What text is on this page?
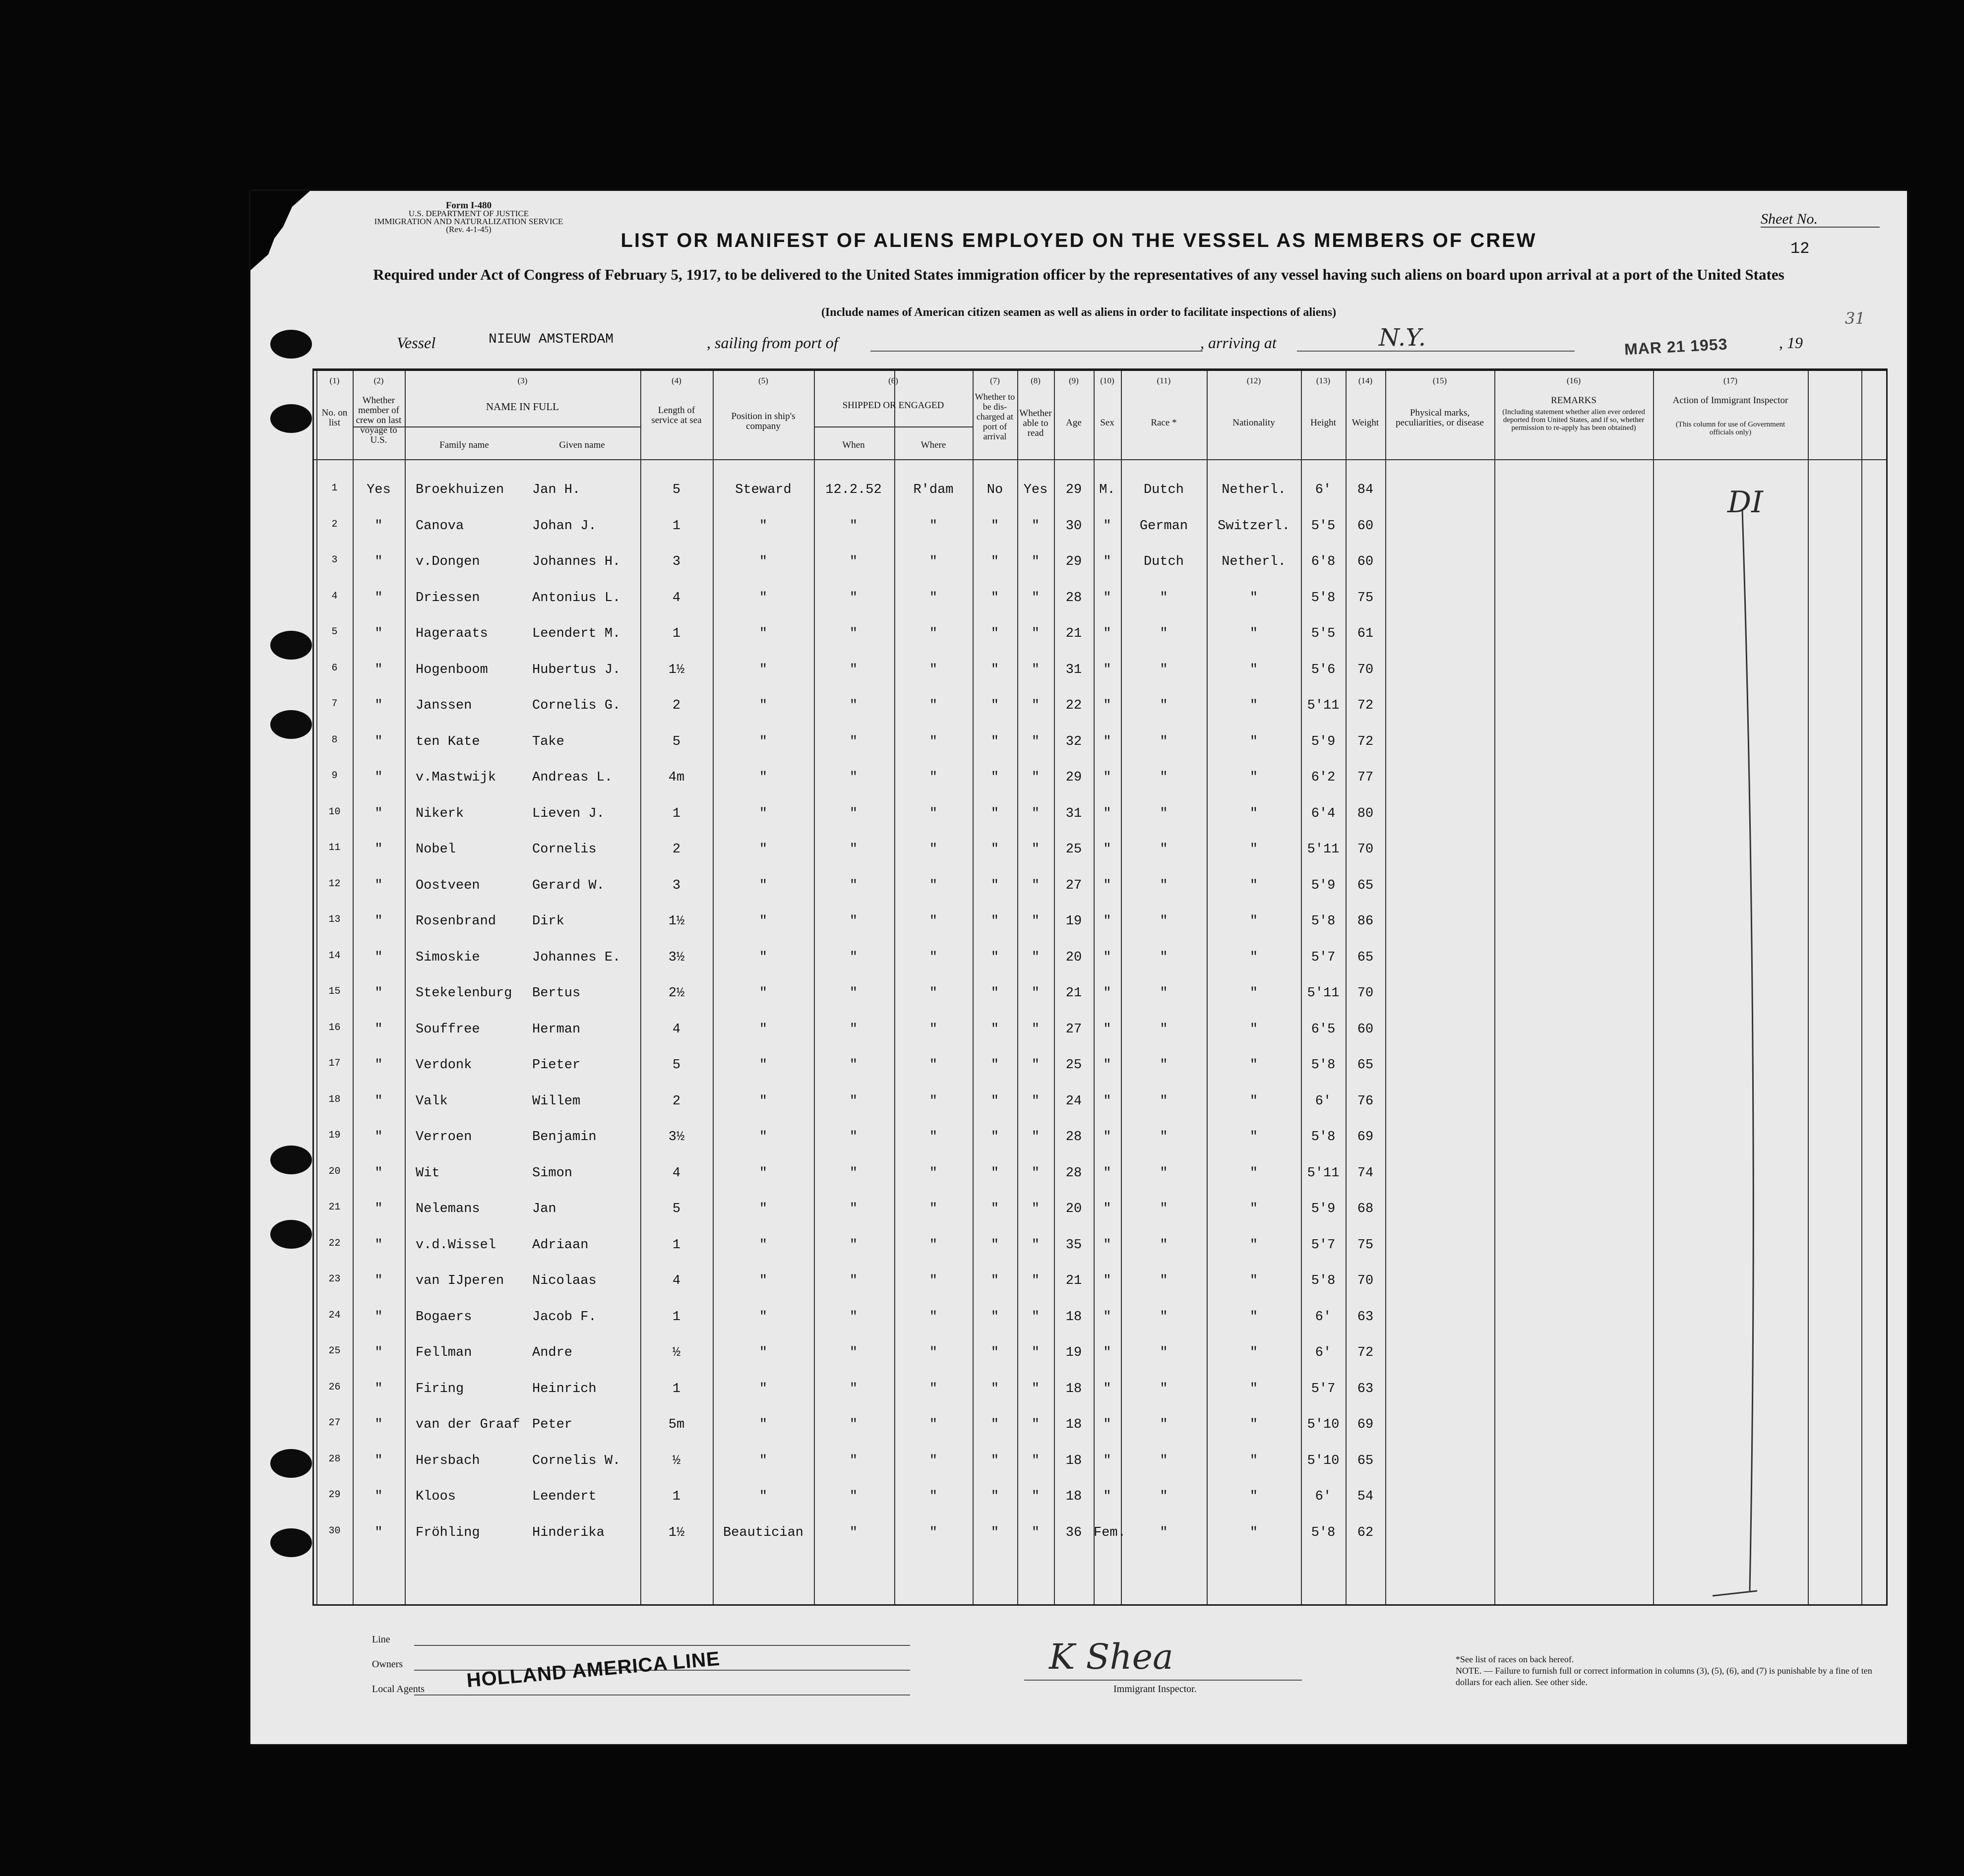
Form I-480
U.S. DEPARTMENT OF JUSTICE
IMMIGRATION AND NATURALIZATION SERVICE
(Rev. 4-1-45)
Sheet No.
12
LIST OR MANIFEST OF ALIENS EMPLOYED ON THE VESSEL AS MEMBERS OF CREW
Required under Act of Congress of February 5, 1917, to be delivered to the United States immigration officer by the representatives of any vessel having such aliens on board upon arrival at a port of the United States
(Include names of American citizen seamen as well as aliens in order to facilitate inspections of aliens)
Vessel	NIEUW AMSTERDAM	, sailing from port of	, arriving at	N.Y.	MAR 21 1953	, 19
31
(1)	(2)	(3)	(4)	(5)	(6)	(7)	(8)	(9)	(10)	(11)	(12)	(13)	(14)	(15)	(16)	(17)
No. on list
Whether member of crew on last voyage to U.S.
NAME IN FULL
Family name	Given name
Length of service at sea	Position in ship's company
SHIPPED OR ENGAGED
When	Where
Whether to be dis- charged at port of arrival
Whether able to read
Age	Sex	Race *	Nationality	Height	Weight
Physical marks, peculiarities, or disease
REMARKS
(Including statement whether alien ever ordered deported from United States, and if so, whether permission to re-apply has been obtained)
Action of Immigrant Inspector
(This column for use of Government officials only)
1	Yes	Broekhuizen	Jan H.	5	Steward	12.2.52	R'dam	No	Yes	29	M.	Dutch	Netherl.	6'	84
2	"	Canova	Johan J.	1	"	"	"	"	"	30	"	German	Switzerl.	5'5	60
3	"	v.Dongen	Johannes H.	3	"	"	"	"	"	29	"	Dutch	Netherl.	6'8	60
4	"	Driessen	Antonius L.	4	"	"	"	"	"	28	"	"	"	5'8	75
5	"	Hageraats	Leendert M.	1	"	"	"	"	"	21	"	"	"	5'5	61
6	"	Hogenboom	Hubertus J.	1½	"	"	"	"	"	31	"	"	"	5'6	70
7	"	Janssen	Cornelis G.	2	"	"	"	"	"	22	"	"	"	5'11	72
8	"	ten Kate	Take	5	"	"	"	"	"	32	"	"	"	5'9	72
9	"	v.Mastwijk	Andreas L.	4m	"	"	"	"	"	29	"	"	"	6'2	77
10	"	Nikerk	Lieven J.	1	"	"	"	"	"	31	"	"	"	6'4	80
11	"	Nobel	Cornelis	2	"	"	"	"	"	25	"	"	"	5'11	70
12	"	Oostveen	Gerard W.	3	"	"	"	"	"	27	"	"	"	5'9	65
13	"	Rosenbrand	Dirk	1½	"	"	"	"	"	19	"	"	"	5'8	86
14	"	Simoskie	Johannes E.	3½	"	"	"	"	"	20	"	"	"	5'7	65
15	"	Stekelenburg	Bertus	2½	"	"	"	"	"	21	"	"	"	5'11	70
16	"	Souffree	Herman	4	"	"	"	"	"	27	"	"	"	6'5	60
17	"	Verdonk	Pieter	5	"	"	"	"	"	25	"	"	"	5'8	65
18	"	Valk	Willem	2	"	"	"	"	"	24	"	"	"	6'	76
19	"	Verroen	Benjamin	3½	"	"	"	"	"	28	"	"	"	5'8	69
20	"	Wit	Simon	4	"	"	"	"	"	28	"	"	"	5'11	74
21	"	Nelemans	Jan	5	"	"	"	"	"	20	"	"	"	5'9	68
22	"	v.d.Wissel	Adriaan	1	"	"	"	"	"	35	"	"	"	5'7	75
23	"	van IJperen	Nicolaas	4	"	"	"	"	"	21	"	"	"	5'8	70
24	"	Bogaers	Jacob F.	1	"	"	"	"	"	18	"	"	"	6'	63
25	"	Fellman	Andre	½	"	"	"	"	"	19	"	"	"	6'	72
26	"	Firing	Heinrich	1	"	"	"	"	"	18	"	"	"	5'7	63
27	"	van der Graaf Peter	5m	"	"	"	"	"	18	"	"	"	5'10	69
28	"	Hersbach	Cornelis W.	½	"	"	"	"	"	18	"	"	"	5'10	65
29	"	Kloos	Leendert	1	"	"	"	"	"	18	"	"	"	6'	54
30	"	Fröhling	Hinderika	1½	Beautician	"	"	"	"	36 Fem.	"	"	5'8	62
DI
Line
Owners
Local Agents HOLLAND AMERICA LINE	K Shea
Immigrant Inspector.
*See list of races on back hereof.
NOTE. — Failure to furnish full or correct information in columns (3), (5), (6), and (7) is punishable by a fine of ten dollars for each alien. See other side.
